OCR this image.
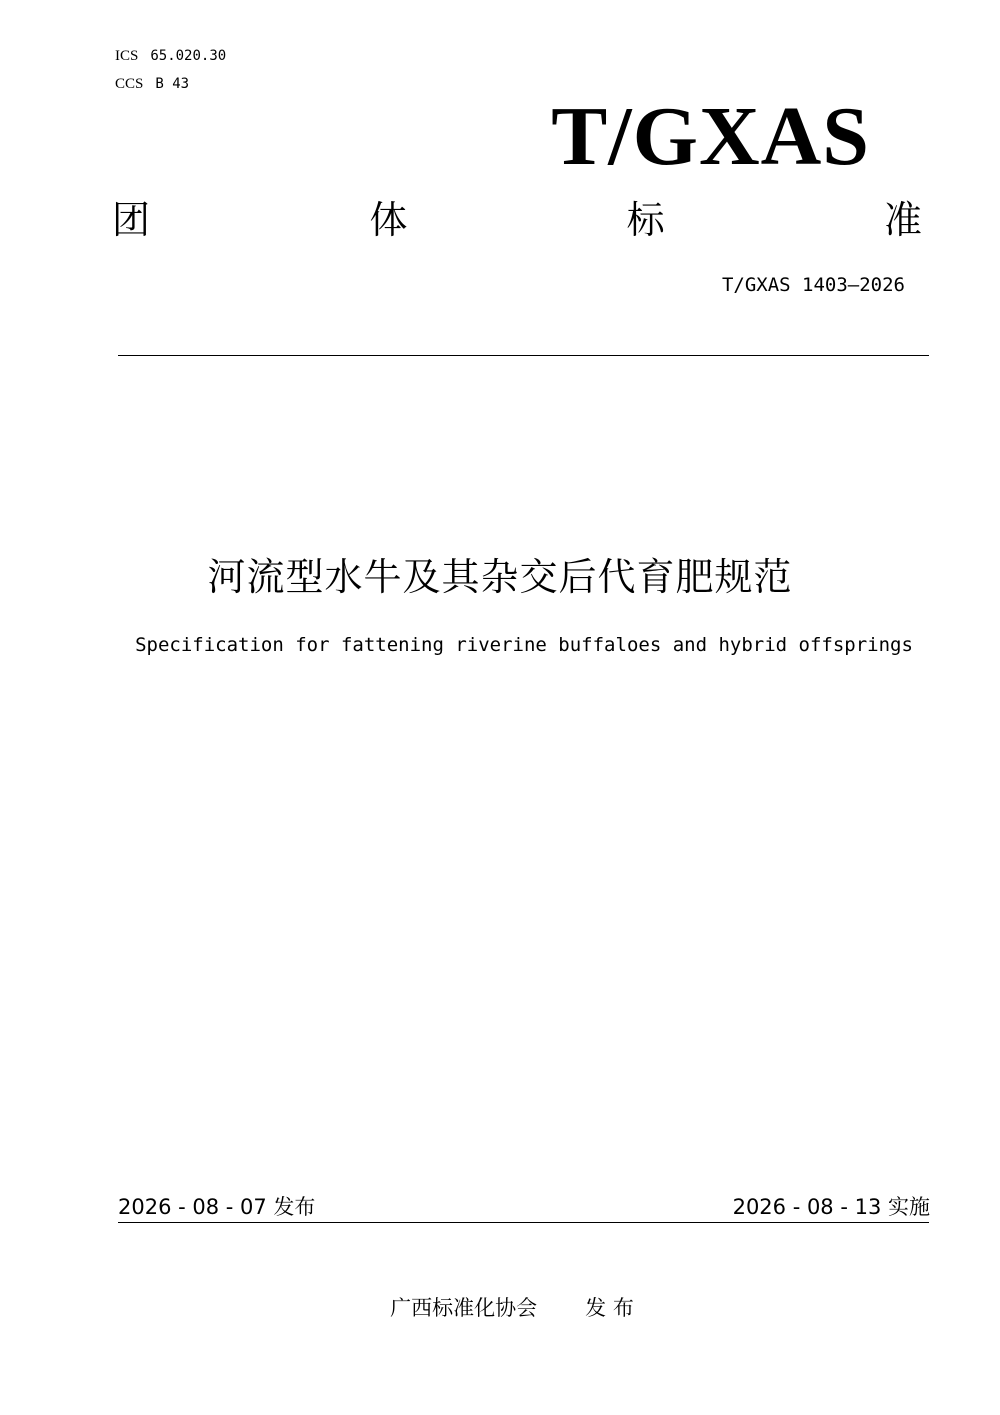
ICS 65.020.30
CCS B 43
T/GXAS
团	体	标	准
T/GXAS 1403—2026
河流型水牛及其杂交后代育肥规范
Specification for fattening riverine buffaloes and hybrid offsprings
2026 - 08 - 07 发布	2026 - 08 - 13 实施
广西标准化协会 发 布
